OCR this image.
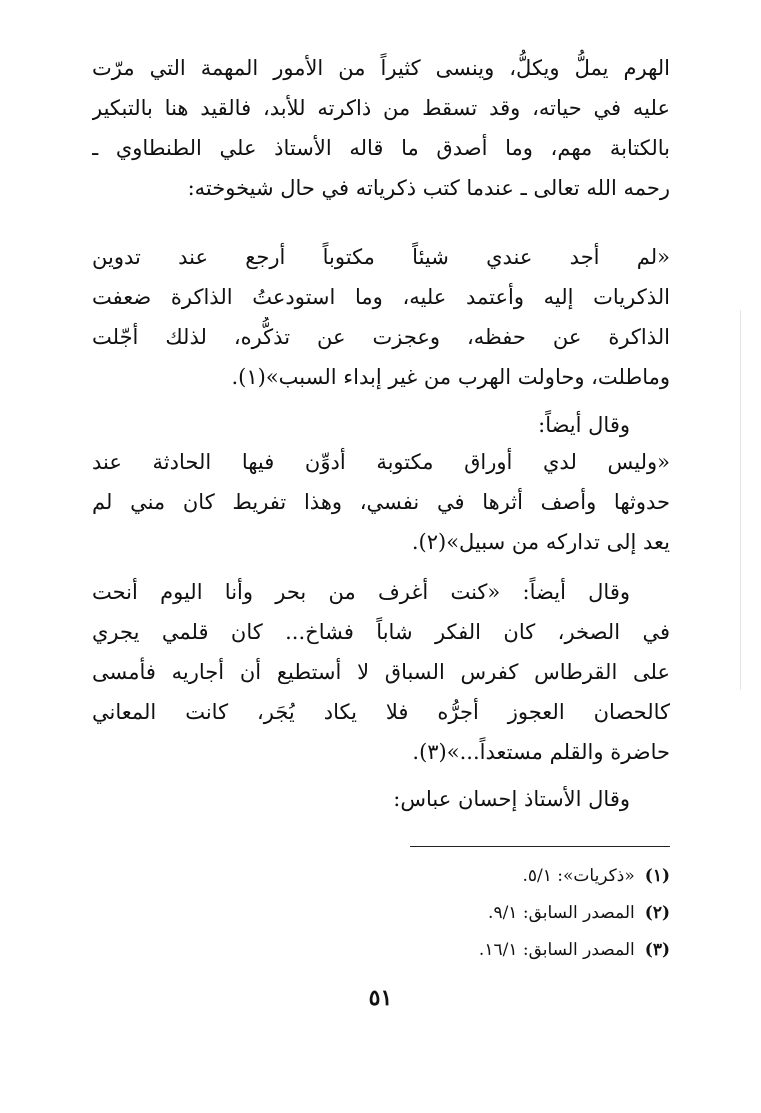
الهرم يملُّ ويكلُّ، وينسى كثيراً من الأمور المهمة التي مرّت
عليه في حياته، وقد تسقط من ذاكرته للأبد، فالقيد هنا بالتبكير
بالكتابة مهم، وما أصدق ما قاله الأستاذ علي الطنطاوي ـ
رحمه الله تعالى ـ عندما كتب ذكرياته في حال شيخوخته:
«لم أجد عندي شيئاً مكتوباً أرجع عند تدوين
الذكريات إليه وأعتمد عليه، وما استودعتُ الذاكرة ضعفت
الذاكرة عن حفظه، وعجزت عن تذكُّره، لذلك أجّلت
وماطلت، وحاولت الهرب من غير إبداء السبب»(١).
وقال أيضاً:
«وليس لدي أوراق مكتوبة أدوِّن فيها الحادثة عند
حدوثها وأصف أثرها في نفسي، وهذا تفريط كان مني لم
يعد إلى تداركه من سبيل»(٢).
وقال أيضاً: «كنت أغرف من بحر وأنا اليوم أنحت
في الصخر، كان الفكر شاباً فشاخ... كان قلمي يجري
على القرطاس كفرس السباق لا أستطيع أن أجاريه فأمسى
كالحصان العجوز أجرُّه فلا يكاد يُجَر، كانت المعاني
حاضرة والقلم مستعداً...»(٣).
وقال الأستاذ إحسان عباس:
(١)«ذكريات»: ٥/١.
(٢)المصدر السابق: ٩/١.
(٣)المصدر السابق: ١٦/١.
٥١
